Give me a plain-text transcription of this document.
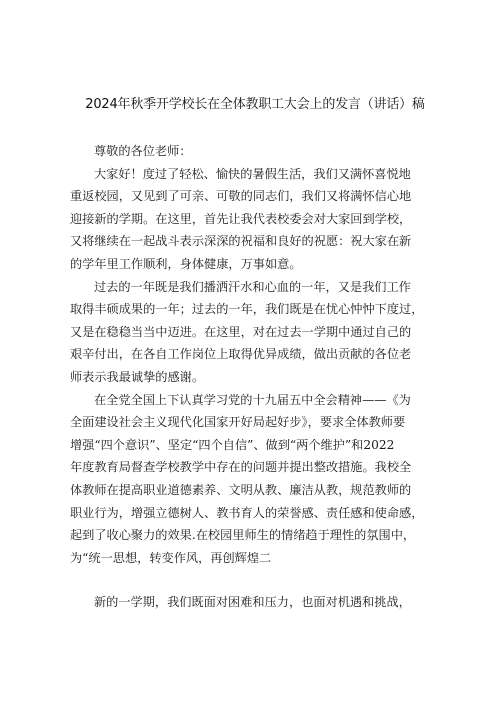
2024年秋季开学校长在全体教职工大会上的发言（讲话）稿
尊敬的各位老师：
大家好！度过了轻松、愉快的暑假生活，我们又满怀喜悦地
重返校园，又见到了可亲、可敬的同志们，我们又将满怀信心地
迎接新的学期。在这里，首先让我代表校委会对大家回到学校，
又将继续在一起战斗表示深深的祝福和良好的祝愿：祝大家在新
的学年里工作顺利，身体健康，万事如意。
过去的一年既是我们播洒汗水和心血的一年，又是我们工作
取得丰硕成果的一年；过去的一年，我们既是在忧心忡忡下度过，
又是在稳稳当当中迈进。在这里，对在过去一学期中通过自己的
艰辛付出，在各自工作岗位上取得优异成绩，做出贡献的各位老
师表示我最诚挚的感谢。
在全党全国上下认真学习党的十九届五中全会精神——《为
全面建设社会主义现代化国家开好局起好步》，要求全体教师要
增强“四个意识”、坚定“四个自信”、做到“两个维护”和2022
年度教育局督查学校教学中存在的问题并提出整改措施。我校全
体教师在提高职业道德素养、文明从教、廉洁从教，规范教师的
职业行为，增强立德树人、教书育人的荣誉感、责任感和使命感，
起到了收心聚力的效果.在校园里师生的情绪趋于理性的氛围中，
为“统一思想，转变作风，再创辉煌二
新的一学期，我们既面对困难和压力，也面对机遇和挑战，
